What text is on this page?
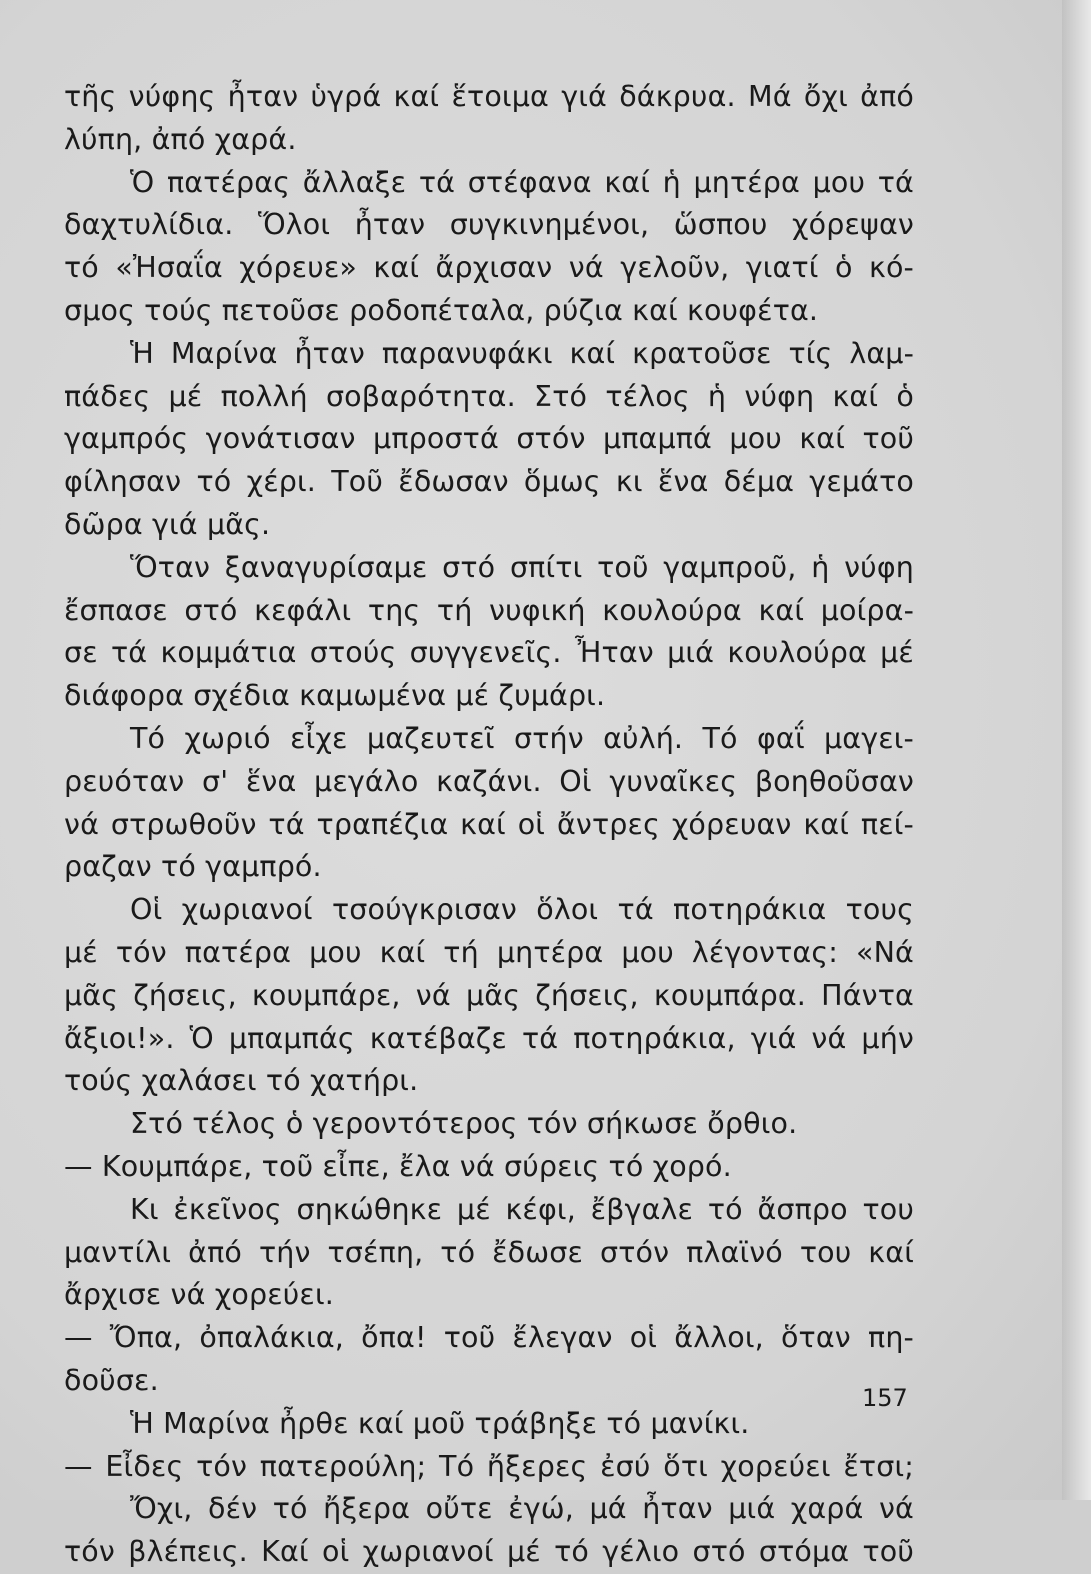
τῆς νύφης ἦταν ὑγρά καί ἕτοιμα γιά δάκρυα. Μά ὄχι ἀπό
λύπη, ἀπό χαρά.
Ὁ πατέρας ἄλλαξε τά στέφανα καί ἡ μητέρα μου τά
δαχτυλίδια. Ὅλοι ἦταν συγκινημένοι, ὥσπου χόρεψαν
τό «Ἠσαΐα χόρευε» καί ἄρχισαν νά γελοῦν, γιατί ὁ κό-
σμος τούς πετοῦσε ροδοπέταλα, ρύζια καί κουφέτα.
Ἡ Μαρίνα ἦταν παρανυφάκι καί κρατοῦσε τίς λαμ-
πάδες μέ πολλή σοβαρότητα. Στό τέλος ἡ νύφη καί ὁ
γαμπρός γονάτισαν μπροστά στόν μπαμπά μου καί τοῦ
φίλησαν τό χέρι. Τοῦ ἔδωσαν ὅμως κι ἕνα δέμα γεμάτο
δῶρα γιά μᾶς.
Ὅταν ξαναγυρίσαμε στό σπίτι τοῦ γαμπροῦ, ἡ νύφη
ἔσπασε στό κεφάλι της τή νυφική κουλούρα καί μοίρα-
σε τά κομμάτια στούς συγγενεῖς. Ἦταν μιά κουλούρα μέ
διάφορα σχέδια καμωμένα μέ ζυμάρι.
Τό χωριό εἶχε μαζευτεῖ στήν αὐλή. Τό φαΐ μαγει-
ρευόταν σ' ἕνα μεγάλο καζάνι. Οἱ γυναῖκες βοηθοῦσαν
νά στρωθοῦν τά τραπέζια καί οἱ ἄντρες χόρευαν καί πεί-
ραζαν τό γαμπρό.
Οἱ χωριανοί τσούγκρισαν ὅλοι τά ποτηράκια τους
μέ τόν πατέρα μου καί τή μητέρα μου λέγοντας: «Νά
μᾶς ζήσεις, κουμπάρε, νά μᾶς ζήσεις, κουμπάρα. Πάντα
ἄξιοι!». Ὁ μπαμπάς κατέβαζε τά ποτηράκια, γιά νά μήν
τούς χαλάσει τό χατήρι.
Στό τέλος ὁ γεροντότερος τόν σήκωσε ὄρθιο.
— Κουμπάρε, τοῦ εἶπε, ἔλα νά σύρεις τό χορό.
Κι ἐκεῖνος σηκώθηκε μέ κέφι, ἔβγαλε τό ἄσπρο του
μαντίλι ἀπό τήν τσέπη, τό ἔδωσε στόν πλαϊνό του καί
ἄρχισε νά χορεύει.
— Ὄπα, ὀπαλάκια, ὄπα! τοῦ ἔλεγαν οἱ ἄλλοι, ὅταν πη-
δοῦσε.
Ἡ Μαρίνα ἦρθε καί μοῦ τράβηξε τό μανίκι.
— Εἶδες τόν πατερούλη; Τό ἤξερες ἐσύ ὅτι χορεύει ἔτσι;
Ὄχι, δέν τό ἤξερα οὔτε ἐγώ, μά ἦταν μιά χαρά νά
τόν βλέπεις. Καί οἱ χωριανοί μέ τό γέλιο στό στόμα τοῦ
157
